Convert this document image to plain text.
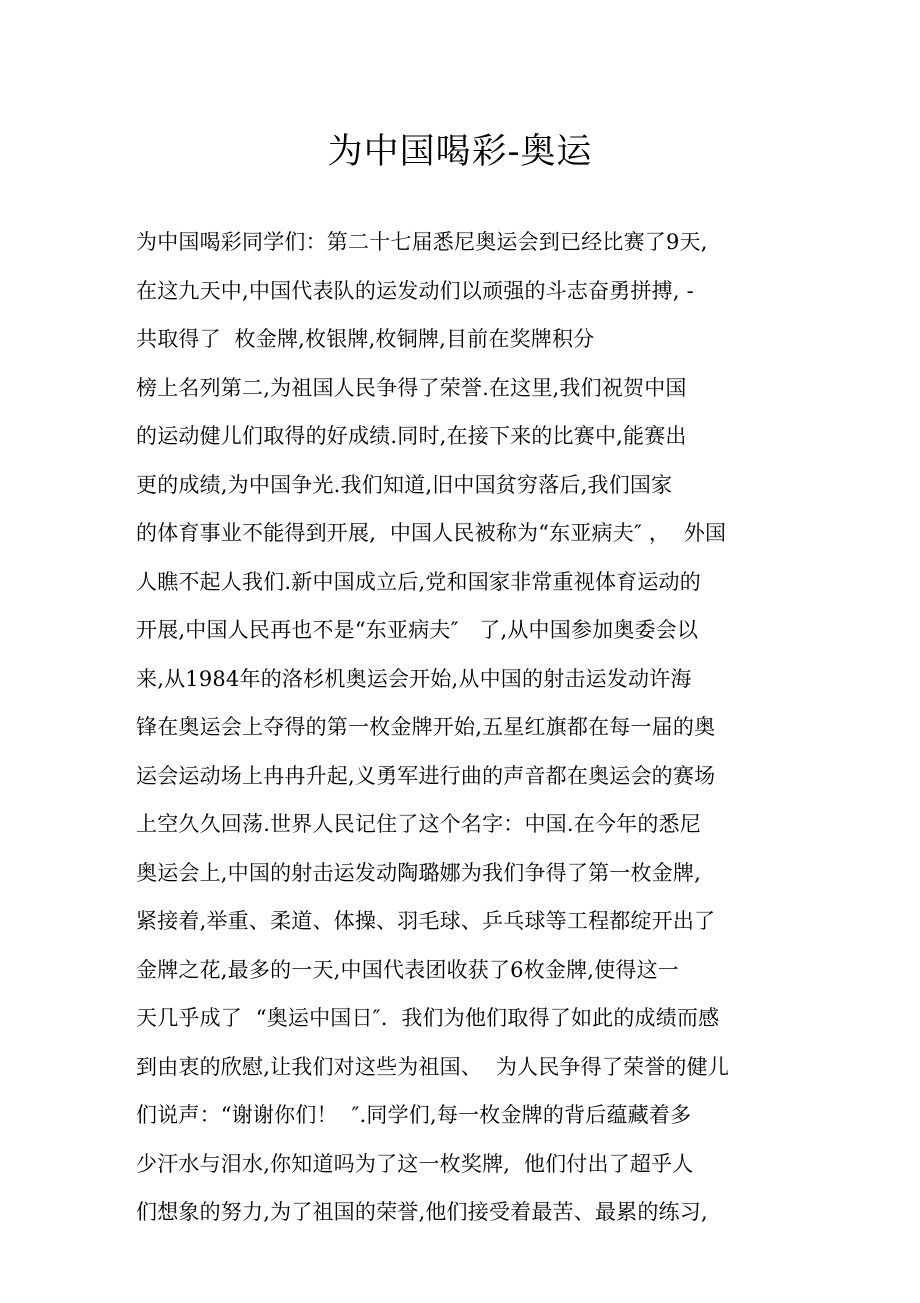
为中国喝彩-奥运
为中国喝彩同学们：第二十七届悉尼奥运会到已经比赛了9天,
在这九天中,中国代表队的运发动们以顽强的斗志奋勇拼搏, -
共取得了  枚金牌,枚银牌,枚铜牌,目前在奖牌积分
榜上名列第二,为祖国人民争得了荣誉.在这里,我们祝贺中国
的运动健儿们取得的好成绩.同时,在接下来的比赛中,能赛出
更的成绩,为中国争光.我们知道,旧中国贫穷落后,我们国家
的体育事业不能得到开展,  中国人民被称为“东亚病夫″ ，  外国
人瞧不起人我们.新中国成立后,党和国家非常重视体育运动的
开展,中国人民再也不是“东亚病夫″   了,从中国参加奥委会以
来,从1984年的洛杉机奥运会开始,从中国的射击运发动许海
锋在奥运会上夺得的第一枚金牌开始,五星红旗都在每一届的奥
运会运动场上冉冉升起,义勇军进行曲的声音都在奥运会的赛场
上空久久回荡.世界人民记住了这个名字：中国.在今年的悉尼
奥运会上,中国的射击运发动陶璐娜为我们争得了第一枚金牌,
紧接着,举重、柔道、体操、羽毛球、乒乓球等工程都绽开出了
金牌之花,最多的一天,中国代表团收获了6枚金牌,使得这一
天几乎成了  “奥运中国日″.  我们为他们取得了如此的成绩而感
到由衷的欣慰,让我们对这些为祖国、  为人民争得了荣誉的健儿
们说声：“谢谢你们！  ″.同学们,每一枚金牌的背后蕴藏着多
少汗水与泪水,你知道吗为了这一枚奖牌,  他们付出了超乎人
们想象的努力,为了祖国的荣誉,他们接受着最苦、最累的练习,
